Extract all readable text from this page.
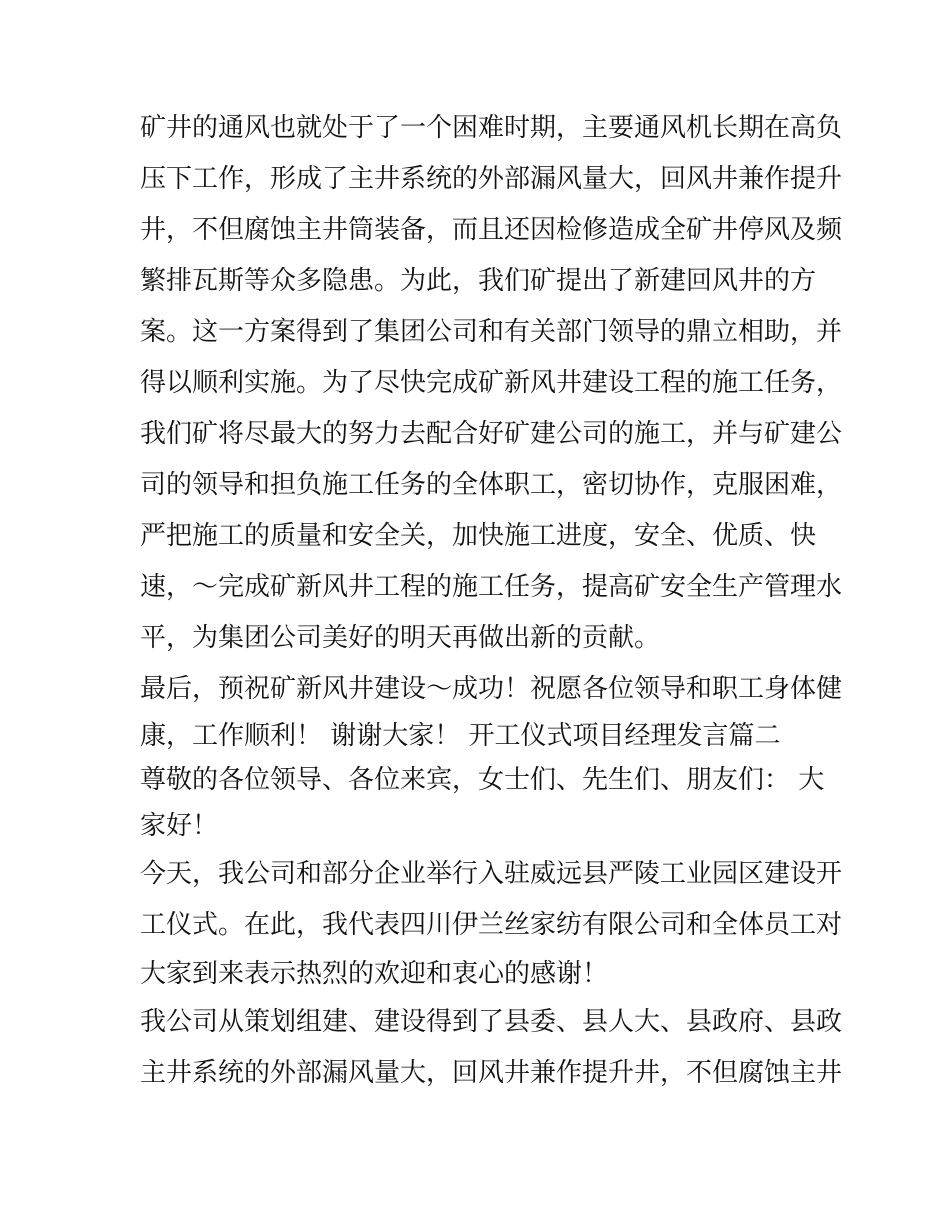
矿井的通风也就处于了一个困难时期，主要通风机长期在高负
压下工作，形成了主井系统的外部漏风量大，回风井兼作提升
井，不但腐蚀主井筒装备，而且还因检修造成全矿井停风及频
繁排瓦斯等众多隐患。为此，我们矿提出了新建回风井的方
案。这一方案得到了集团公司和有关部门领导的鼎立相助，并
得以顺利实施。为了尽快完成矿新风井建设工程的施工任务，
我们矿将尽最大的努力去配合好矿建公司的施工，并与矿建公
司的领导和担负施工任务的全体职工，密切协作，克服困难，
严把施工的质量和安全关，加快施工进度，安全、优质、快
速，～完成矿新风井工程的施工任务，提高矿安全生产管理水
平，为集团公司美好的明天再做出新的贡献。
最后，预祝矿新风井建设～成功！祝愿各位领导和职工身体健
康，工作顺利！ 谢谢大家！ 开工仪式项目经理发言篇二
尊敬的各位领导、各位来宾，女士们、先生们、朋友们： 大
家好！
今天，我公司和部分企业举行入驻威远县严陵工业园区建设开
工仪式。在此，我代表四川伊兰丝家纺有限公司和全体员工对
大家到来表示热烈的欢迎和衷心的感谢！
我公司从策划组建、建设得到了县委、县人大、县政府、县政
主井系统的外部漏风量大，回风井兼作提升井，不但腐蚀主井
